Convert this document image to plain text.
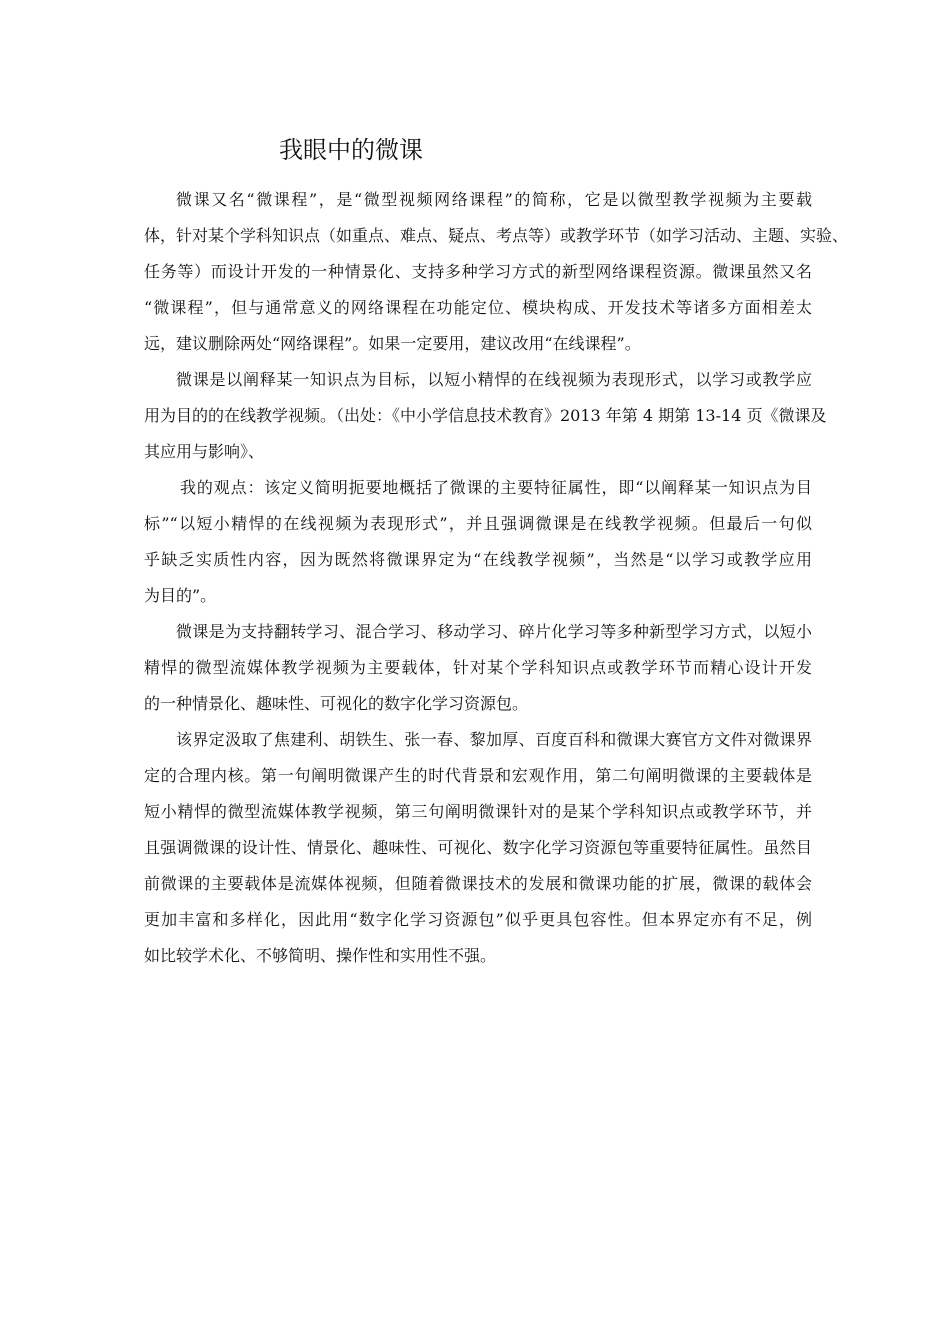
我眼中的微课

微课又名“微课程”，是“微型视频网络课程”的简称，它是以微型教学视频为主要载
体，针对某个学科知识点（如重点、难点、疑点、考点等）或教学环节（如学习活动、主题、实验、
任务等）而设计开发的一种情景化、支持多种学习方式的新型网络课程资源。微课虽然又名
“微课程”，但与通常意义的网络课程在功能定位、模块构成、开发技术等诸多方面相差太
远，建议删除两处“网络课程”。如果一定要用，建议改用“在线课程”。

微课是以阐释某一知识点为目标，以短小精悍的在线视频为表现形式，以学习或教学应
用为目的的在线教学视频。（出处：《中小学信息技术教育》2013 年第 4 期第 13-14 页《微课及
其应用与影响》、

我的观点：该定义简明扼要地概括了微课的主要特征属性，即“以阐释某一知识点为目
标”“以短小精悍的在线视频为表现形式”，并且强调微课是在线教学视频。但最后一句似
乎缺乏实质性内容，因为既然将微课界定为“在线教学视频”，当然是“以学习或教学应用
为目的”。

微课是为支持翻转学习、混合学习、移动学习、碎片化学习等多种新型学习方式，以短小
精悍的微型流媒体教学视频为主要载体，针对某个学科知识点或教学环节而精心设计开发
的一种情景化、趣味性、可视化的数字化学习资源包。

该界定汲取了焦建利、胡铁生、张一春、黎加厚、百度百科和微课大赛官方文件对微课界
定的合理内核。第一句阐明微课产生的时代背景和宏观作用，第二句阐明微课的主要载体是
短小精悍的微型流媒体教学视频，第三句阐明微课针对的是某个学科知识点或教学环节，并
且强调微课的设计性、情景化、趣味性、可视化、数字化学习资源包等重要特征属性。虽然目
前微课的主要载体是流媒体视频，但随着微课技术的发展和微课功能的扩展，微课的载体会
更加丰富和多样化，因此用“数字化学习资源包”似乎更具包容性。但本界定亦有不足，例
如比较学术化、不够简明、操作性和实用性不强。
